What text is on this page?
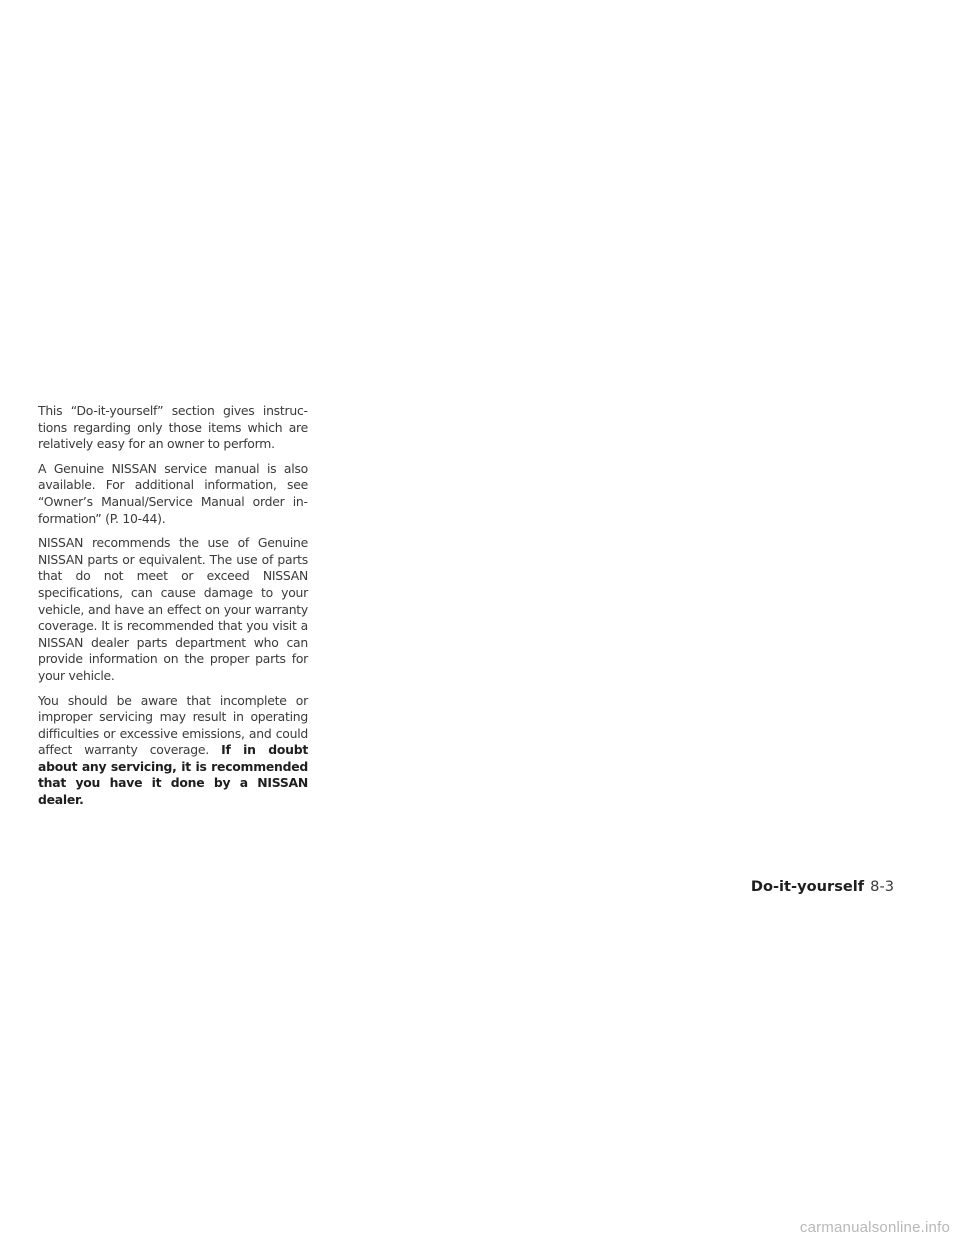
This “Do-it-yourself” section gives instructions regarding only those items which are relatively easy for an owner to perform.

A Genuine NISSAN service manual is also available. For additional information, see “Owner’s Manual/Service Manual order information” (P. 10-44).

NISSAN recommends the use of Genuine NISSAN parts or equivalent. The use of parts that do not meet or exceed NISSAN specifications, can cause damage to your vehicle, and have an effect on your warranty coverage. It is recommended that you visit a NISSAN dealer parts department who can provide information on the proper parts for your vehicle.

You should be aware that incomplete or improper servicing may result in operating difficulties or excessive emissions, and could affect warranty coverage. If in doubt about any servicing, it is recommended that you have it done by a NISSAN dealer.

Do-it-yourself 8-3
carmanualsonline.info
